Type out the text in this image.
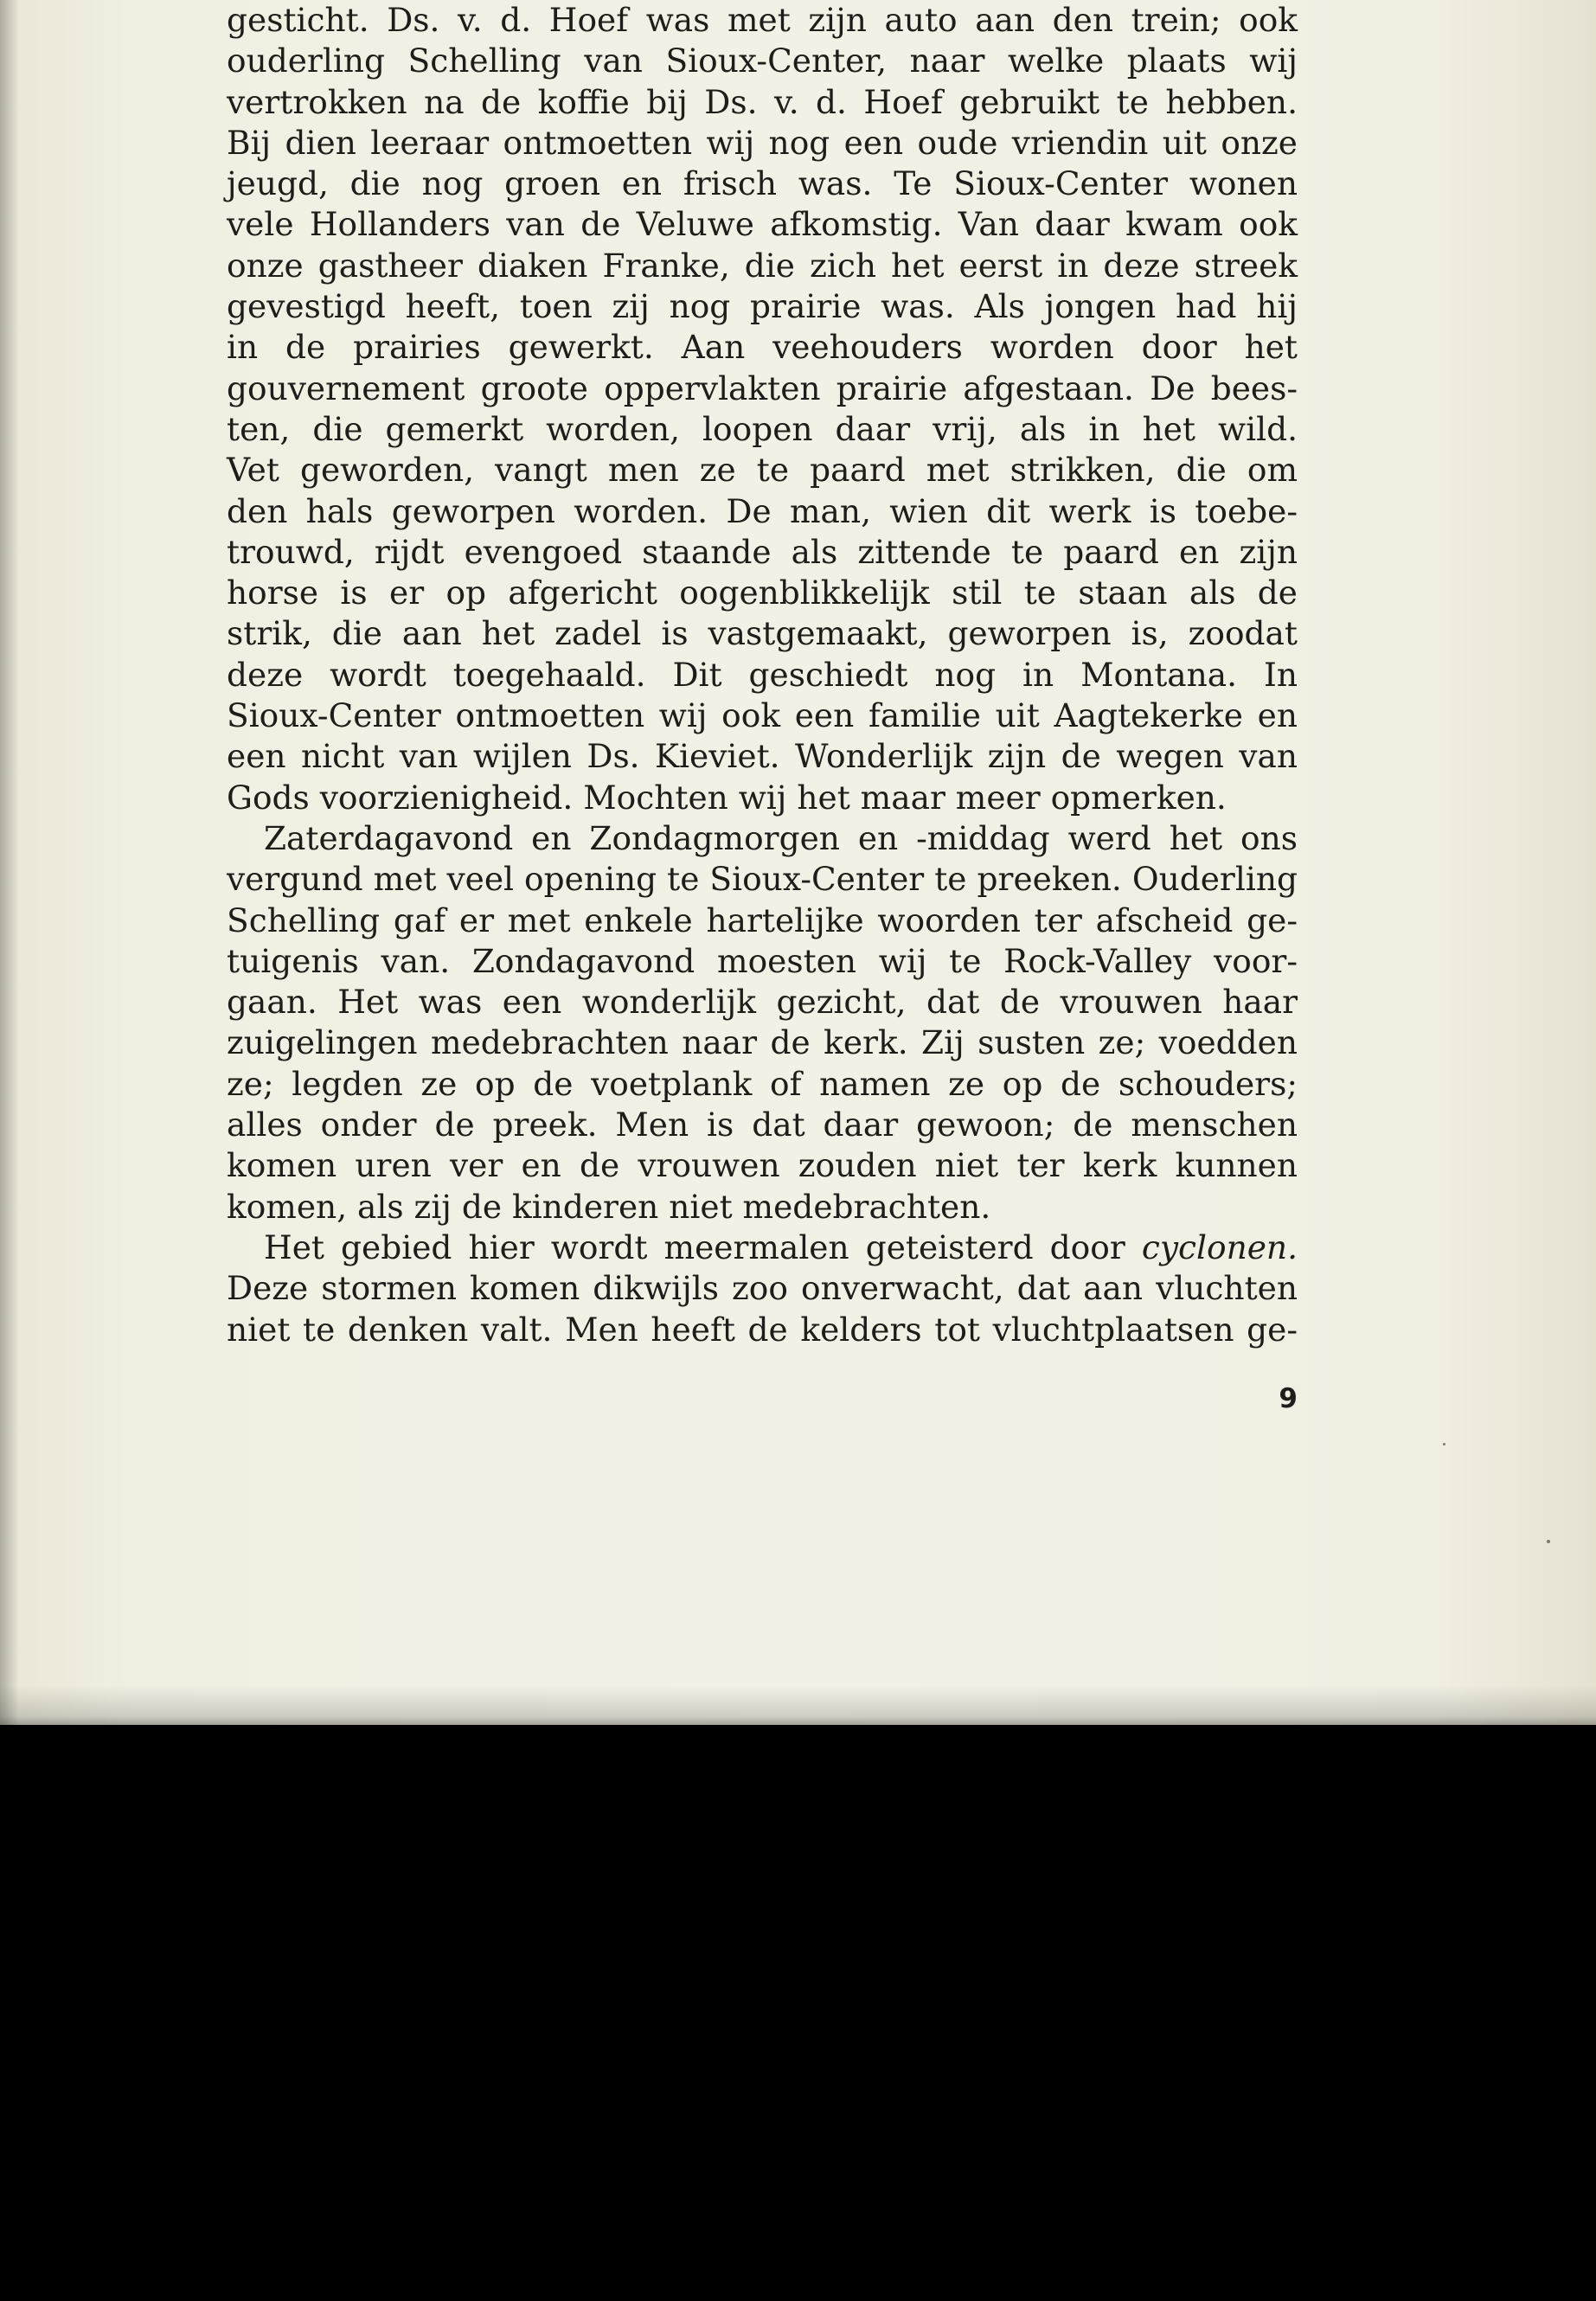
gesticht. Ds. v. d. Hoef was met zijn auto aan den trein; ook
ouderling Schelling van Sioux-Center, naar welke plaats wij
vertrokken na de koffie bij Ds. v. d. Hoef gebruikt te hebben.
Bij dien leeraar ontmoetten wij nog een oude vriendin uit onze
jeugd, die nog groen en frisch was. Te Sioux-Center wonen
vele Hollanders van de Veluwe afkomstig. Van daar kwam ook
onze gastheer diaken Franke, die zich het eerst in deze streek
gevestigd heeft, toen zij nog prairie was. Als jongen had hij
in de prairies gewerkt. Aan veehouders worden door het
gouvernement groote oppervlakten prairie afgestaan. De bees-
ten, die gemerkt worden, loopen daar vrij, als in het wild.
Vet geworden, vangt men ze te paard met strikken, die om
den hals geworpen worden. De man, wien dit werk is toebe-
trouwd, rijdt evengoed staande als zittende te paard en zijn
horse is er op afgericht oogenblikkelijk stil te staan als de
strik, die aan het zadel is vastgemaakt, geworpen is, zoodat
deze wordt toegehaald. Dit geschiedt nog in Montana. In
Sioux-Center ontmoetten wij ook een familie uit Aagtekerke en
een nicht van wijlen Ds. Kieviet. Wonderlijk zijn de wegen van
Gods voorzienigheid. Mochten wij het maar meer opmerken.
Zaterdagavond en Zondagmorgen en -middag werd het ons
vergund met veel opening te Sioux-Center te preeken. Ouderling
Schelling gaf er met enkele hartelijke woorden ter afscheid ge-
tuigenis van. Zondagavond moesten wij te Rock-Valley voor-
gaan. Het was een wonderlijk gezicht, dat de vrouwen haar
zuigelingen medebrachten naar de kerk. Zij susten ze; voedden
ze; legden ze op de voetplank of namen ze op de schouders;
alles onder de preek. Men is dat daar gewoon; de menschen
komen uren ver en de vrouwen zouden niet ter kerk kunnen
komen, als zij de kinderen niet medebrachten.
Het gebied hier wordt meermalen geteisterd door cyclonen.
Deze stormen komen dikwijls zoo onverwacht, dat aan vluchten
niet te denken valt. Men heeft de kelders tot vluchtplaatsen ge-
9
